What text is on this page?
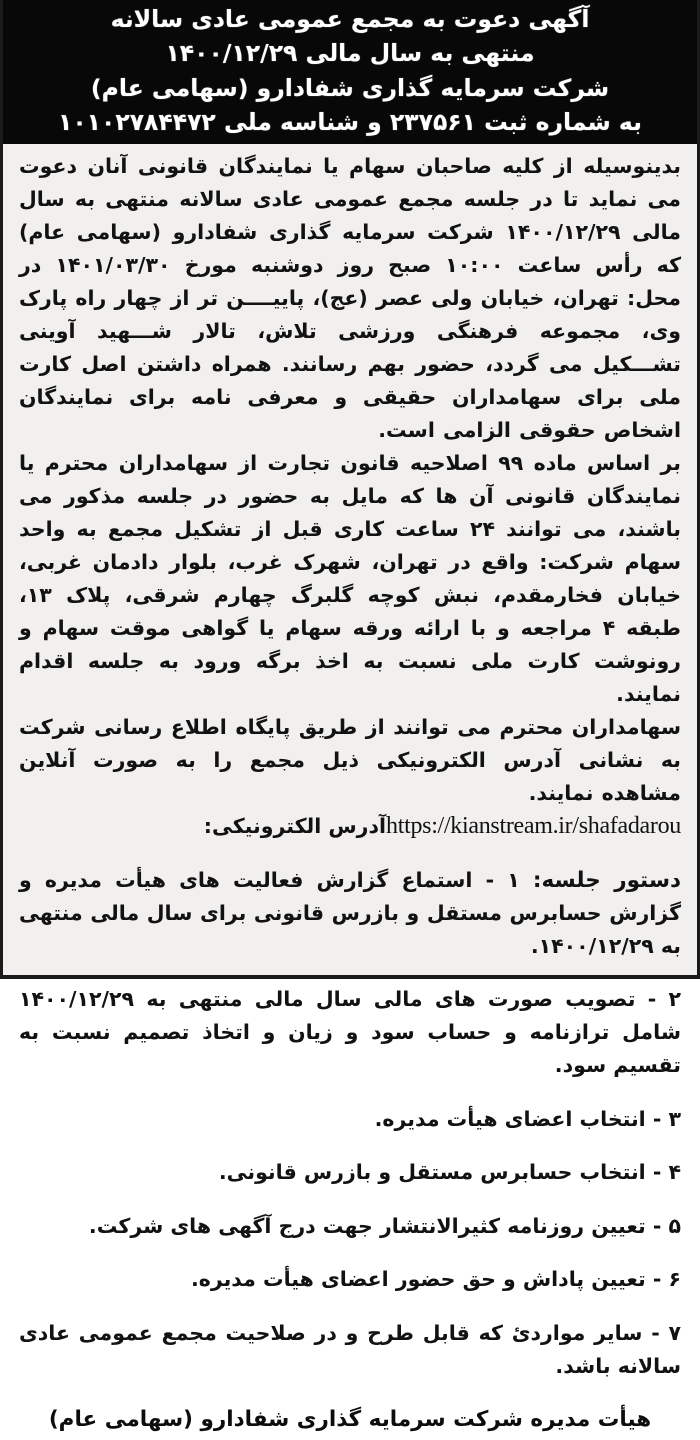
آگهی دعوت به مجمع عمومی عادی سالانه
منتهی به سال مالی ۱۴۰۰/۱۲/۲۹
شرکت سرمایه گذاری شفادارو (سهامی عام)
به شماره ثبت ۲۳۷۵۶۱ و شناسه ملی ۱۰۱۰۲۷۸۴۴۷۲

بدینوسیله از کلیه صاحبان سهام یا نمایندگان قانونی آنان دعوت می نماید تا در جلسه مجمع عمومی عادی سالانه منتهی به سال مالی ۱۴۰۰/۱۲/۲۹ شرکت سرمایه گذاری شفادارو (سهامی عام) که رأس ساعت ۱۰:۰۰ صبح روز دوشنبه مورخ ۱۴۰۱/۰۳/۳۰ در محل: تهران، خیابان ولی عصر (عج)، پاییــــن تر از چهار راه پارک وی، مجموعه فرهنگی ورزشی تلاش، تالار شـــهید آوینی تشـــکیل می گردد، حضور بهم رسانند. همراه داشتن اصل کارت ملی برای سهامداران حقیقی و معرفی نامه برای نمایندگان اشخاص حقوقی الزامی است.

بر اساس ماده ۹۹ اصلاحیه قانون تجارت از سهامداران محترم یا نمایندگان قانونی آن ها که مایل به حضور در جلسه مذکور می باشند، می توانند ۲۴ ساعت کاری قبل از تشکیل مجمع به واحد سهام شرکت: واقع در تهران، شهرک غرب، بلوار دادمان غربی، خیابان فخارمقدم، نبش کوچه گلبرگ چهارم شرقی، پلاک ۱۳، طبقه ۴ مراجعه و با ارائه ورقه سهام یا گواهی موقت سهام و رونوشت کارت ملی نسبت به اخذ برگه ورود به جلسه اقدام نمایند.

سهامداران محترم می توانند از طریق پایگاه اطلاع رسانی شرکت به نشانی آدرس الکترونیکی ذیل مجمع را به صورت آنلاین مشاهده نمایند.

https://kianstream.ir/shafadarouآدرس الکترونیکی:

دستور جلسه: ۱ - استماع گزارش فعالیت های هیأت مدیره و گزارش حسابرس مستقل و بازرس قانونی برای سال مالی منتهی به ۱۴۰۰/۱۲/۲۹.

۲ - تصویب صورت های مالی سال مالی منتهی به ۱۴۰۰/۱۲/۲۹ شامل ترازنامه و حساب سود و زیان و اتخاذ تصمیم نسبت به تقسیم سود.

۳ - انتخاب اعضای هیأت مدیره.

۴ - انتخاب حسابرس مستقل و بازرس قانونی.

۵ - تعیین روزنامه کثیرالانتشار جهت درج آگهی های شرکت.

۶ - تعیین پاداش و حق حضور اعضای هیأت مدیره.

۷ - سایر مواردئ که قابل طرح و در صلاحیت مجمع عمومی عادی سالانه باشد.

هیأت مدیره شرکت سرمایه گذاری شفادارو (سهامی عام)
